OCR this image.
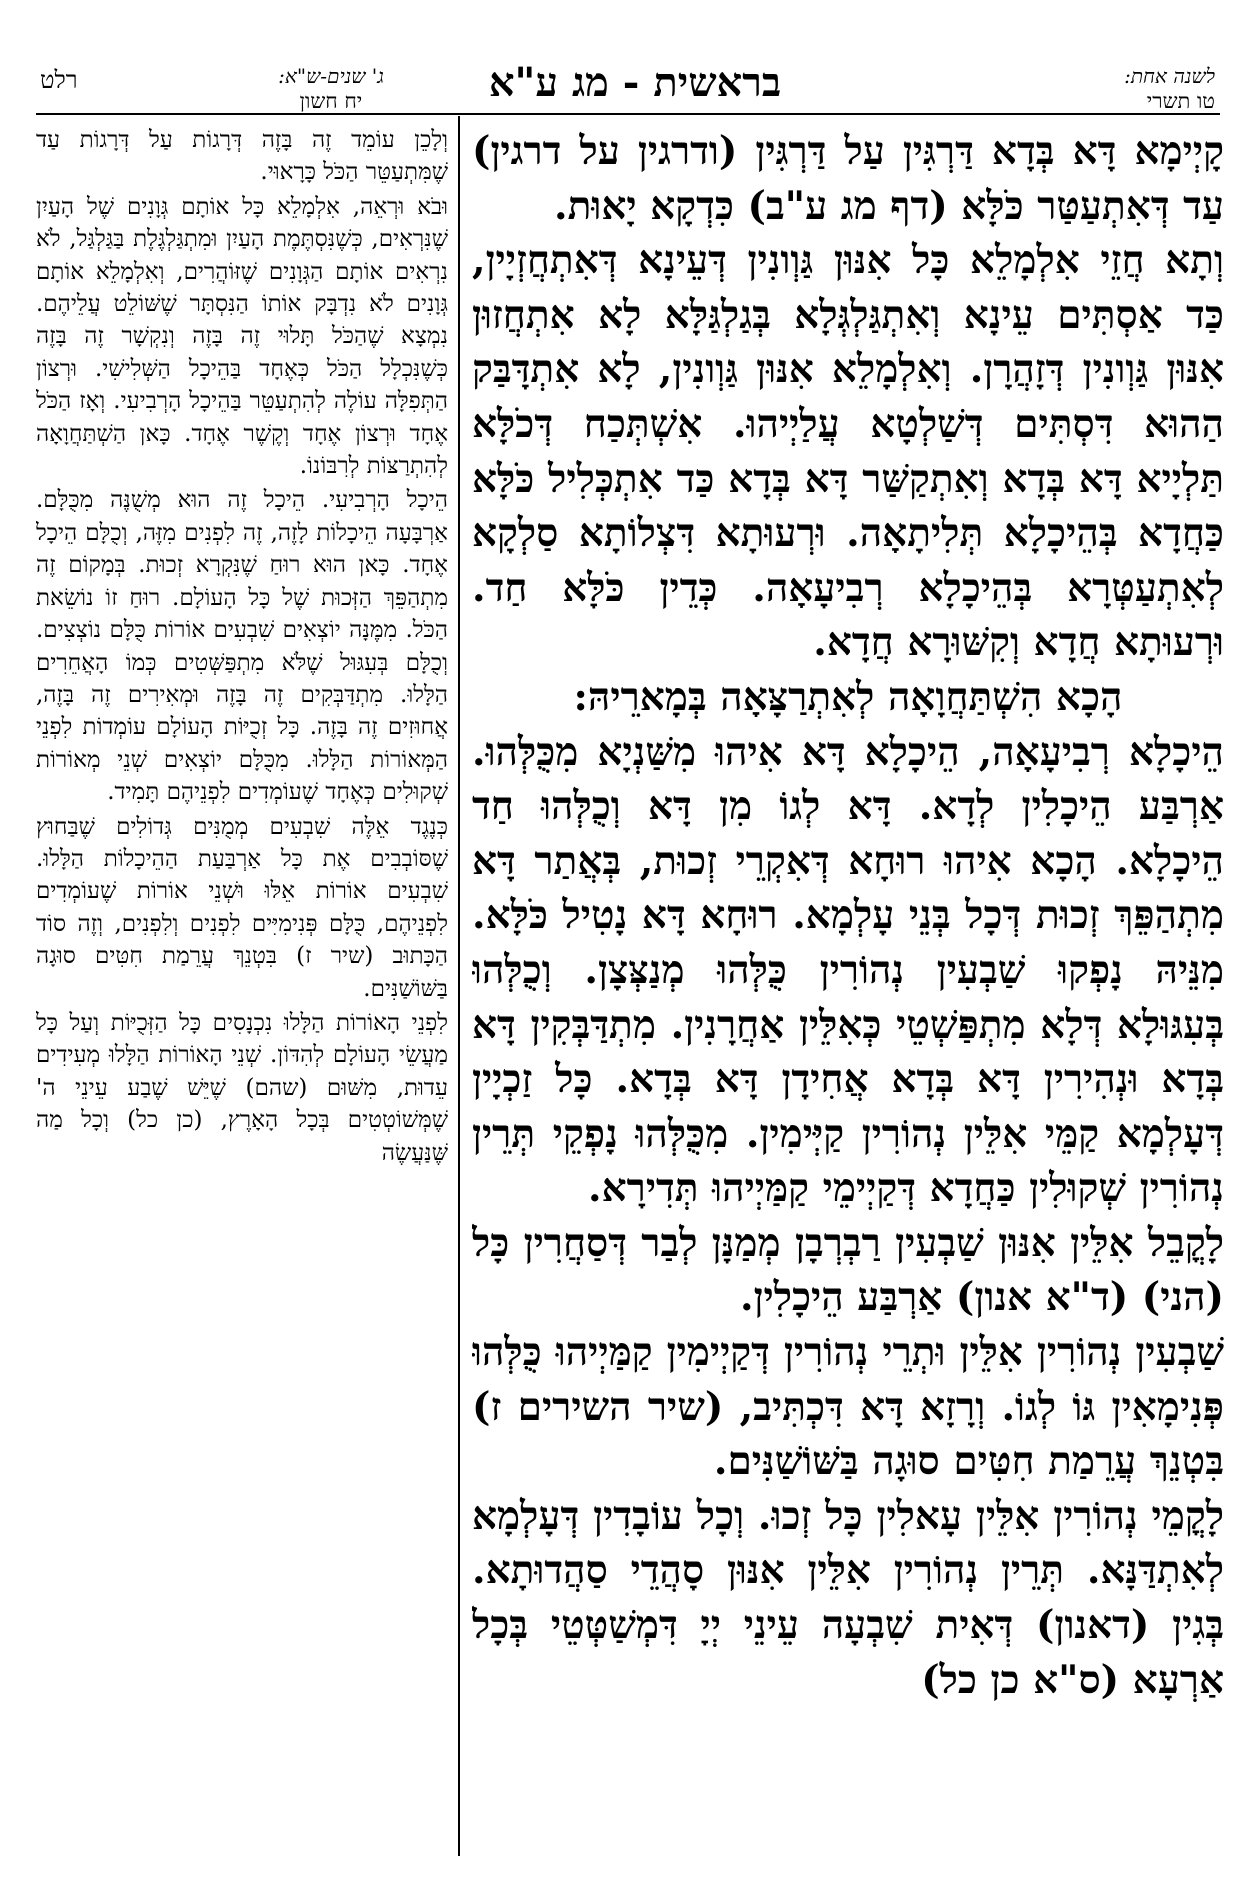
רלט	ג' שנים-ש"א:
יח חשון	בראשית - מג ע"א	לשנה אחת:
טו תשרי

קָיְימָא דָּא בְּדָא דַּרְגִּין עַל דַּרְגִּין (ודרגין על דרגין) עַד דְּאִתְעַטַּר כֹּלָּא (דף מג ע"ב) כִּדְקָא יָאוּת.

וְתָא חֲזֵי אִלְמָלֵא כָּל אִנּוּן גַּוְונִין דְּעֵינָא דְּאִתְחֲזְיָין, כַּד אַסְתִּים עֵינָא וְאִתְגַּלְגְּלָא בְּגַלְגַּלָּא לָא אִתְחֲזוּן אִנּוּן גַּוְונִין דְּזָהֲרָן. וְאִלְמָלֵא אִנּוּן גַּוְונִין, לָא אִתְדָּבַּק הַהוּא דִּסְתִּים דְּשַׁלְטָא עֲלַיְיהוּ. אִשְׁתְּכַח דְּכֹלָּא תַּלְיָיא דָּא בְּדָא וְאִתְקַשַּׁר דָּא בְּדָא כַּד אִתְכְּלִיל כֹּלָּא כַּחֲדָא בְּהֵיכָלָא תְּלִיתָאָה. וּרְעוּתָא דִּצְלוֹתָא סַלְקָא לְאִתְעַטְּרָא בְּהֵיכָלָא רְבִיעָאָה. כְּדֵין כֹּלָּא חַד. וּרְעוּתָא חֲדָא וְקִשּׁוּרָא חֲדָא.

הָכָא הִשְׁתַּחֲוָאָה לְאִתְרַצָּאָה בְּמָארֵיהּ:

הֵיכָלָא רְבִיעָאָה, הֵיכָלָא דָּא אִיהוּ מִשַּׁנְיָא מִכֻּלְּהוּ. אַרְבַּע הֵיכָלִין לְדָא. דָּא לְגוֹ מִן דָּא וְכֻלְּהוּ חַד הֵיכָלָא. הָכָא אִיהוּ רוּחָא דְּאִקְרֵי זְכוּת, בְּאֲתַר דָּא מִתְהַפֵּךְ זְכוּת דְּכָל בְּנֵי עָלְמָא. רוּחָא דָּא נָטִיל כֹּלָּא. מִנֵּיהּ נָפְקוּ שַׁבְעִין נְהוֹרִין כֻּלְּהוּ מְנַצְּצָן. וְכֻלְּהוּ בְּעִגּוּלָא דְּלָא מִתְפַּשְׁטֵי כְּאִלֵּין אַחֲרָנִין. מִתְדַּבְּקִין דָּא בְּדָא וּנְהִירִין דָּא בְּדָא אֲחִידָן דָּא בְּדָא. כָּל זַכְיָין דְּעָלְמָא קַמֵּי אִלֵּין נְהוֹרִין קַיְּימִין. מִכֻּלְּהוּ נָפְקֵי תְּרֵין נְהוֹרִין שְׁקוּלִין כַּחֲדָא דְּקַיְימֵי קַמַּיְיהוּ תְּדִירָא.

לָקֳבֵל אִלֵּין אִנּוּן שַׁבְעִין רַבְרְבָן מְמַנָּן לְבַר דְּסַחֲרִין כָּל (הני) (ד"א אנון) אַרְבַּע הֵיכָלִין.

שַׁבְעִין נְהוֹרִין אִלֵּין וּתְרֵי נְהוֹרִין דְּקַיְימִין קַמַּיְיהוּ כֻּלְּהוּ פְּנִימָאִין גּוֹ לְגוֹ. וְרָזָא דָּא דִּכְתִּיב, (שיר השירים ז) בִּטְנֵךְ עֲרֵמַת חִטִּים סוּגָה בַּשּׁוֹשַׁנִּים.

לָקֳמֵי נְהוֹרִין אִלֵּין עָאלִין כָּל זְכוּ. וְכָל עוֹבָדִין דְּעָלְמָא לְאִתְדַּנָּא. תְּרֵין נְהוֹרִין אִלֵּין אִנּוּן סָהֲדֵי סַהֲדוּתָא. בְּגִין (דאנון) דְּאִית שִׁבְעָה עֵינֵי יְיָ דִּמְשַׁטְּטֵי בְּכָל אַרְעָא (ס"א כן כל)

וְלָכֵן עוֹמֵד זֶה בָּזֶה דְּרָגוֹת עַל דְּרָגוֹת עַד שֶׁמִּתְעַטֵּר הַכֹּל כָּרָאוּי.

וּבֹא וּרְאֵה, אִלְמָלֵא כָּל אוֹתָם גְּוָנִים שֶׁל הָעַיִן שֶׁנִּרְאִים, כְּשֶׁנִּסְתֶּמֶת הָעַיִן וּמִתְגַּלְגֶּלֶת בַּגַּלְגַּל, לֹא נִרְאִים אוֹתָם הַגְּוָנִים שֶׁזּוֹהֲרִים, וְאִלְמָלֵא אוֹתָם גְּוָנִים לֹא נִדְבָּק אוֹתוֹ הַנִּסְתָּר שֶׁשּׁוֹלֵט עֲלֵיהֶם. נִמְצָא שֶׁהַכֹּל תָּלוּי זֶה בָּזֶה וְנִקְשָׁר זֶה בָּזֶה כְּשֶׁנִּכְלָל הַכֹּל כְּאֶחָד בַּהֵיכָל הַשְּׁלִישִׁי. וּרְצוֹן הַתְּפִלָּה עוֹלֶה לְהִתְעַטֵּר בַּהֵיכָל הָרְבִיעִי. וְאָז הַכֹּל אֶחָד וּרְצוֹן אֶחָד וְקֶשֶׁר אֶחָד. כָּאן הַשְׁתַּחֲוָאָה לְהִתְרַצּוֹת לְרִבּוֹנוֹ.

הֵיכָל הָרְבִיעִי. הֵיכָל זֶה הוּא מְשֻׁנֶּה מִכֻּלָּם. אַרְבָּעָה הֵיכָלוֹת לָזֶה, זֶה לִפְנִים מִזֶּה, וְכֻלָּם הֵיכָל אֶחָד. כָּאן הוּא רוּחַ שֶׁנִּקְרָא זְכוּת. בְּמָקוֹם זֶה מִתְהַפֵּךְ הַזְּכוּת שֶׁל כָּל הָעוֹלָם. רוּחַ זוֹ נוֹשֵׂאת הַכֹּל. מִמֶּנָּה יוֹצְאִים שִׁבְעִים אוֹרוֹת כֻּלָּם נוֹצְצִים. וְכֻלָּם בְּעִגּוּל שֶׁלֹּא מִתְפַּשְּׁטִים כְּמוֹ הָאֲחֵרִים הַלָּלוּ. מִתְדַּבְּקִים זֶה בָּזֶה וּמְאִירִים זֶה בָּזֶה, אֲחוּזִים זֶה בָּזֶה. כָּל זְכֻיּוֹת הָעוֹלָם עוֹמְדוֹת לִפְנֵי הַמְּאוֹרוֹת הַלָּלוּ. מִכֻּלָּם יוֹצְאִים שְׁנֵי מְאוֹרוֹת שְׁקוּלִים כְּאֶחָד שֶׁעוֹמְדִים לִפְנֵיהֶם תָּמִיד.

כְּנֶגֶד אֵלֶּה שִׁבְעִים מְמֻנִּים גְּדוֹלִים שֶׁבַּחוּץ שֶׁסּוֹבְבִים אֶת כָּל אַרְבַּעַת הַהֵיכָלוֹת הַלָּלוּ. שִׁבְעִים אוֹרוֹת אֵלּוּ וּשְׁנֵי אוֹרוֹת שֶׁעוֹמְדִים לִפְנֵיהֶם, כֻּלָּם פְּנִימִיִּים לִפְנִים וְלִפְנִים, וְזֶה סוֹד הַכָּתוּב (שיר ז) בִּטְנֵךְ עֲרֵמַת חִטִּים סוּגָה בַּשּׁוֹשַׁנִּים.

לִפְנֵי הָאוֹרוֹת הַלָּלוּ נִכְנָסִים כָּל הַזְּכֻיּוֹת וְעַל כָּל מַעֲשֵׂי הָעוֹלָם לְהִדּוֹן. שְׁנֵי הָאוֹרוֹת הַלָּלוּ מְעִידִים עֵדוּת, מִשּׁוּם (שהם) שֶׁיֵּשׁ שֶׁבַע עֵינֵי ה' שֶׁמְּשׁוֹטְטִים בְּכָל הָאָרֶץ, (כן כל) וְכָל מַה שֶּׁנַּעֲשֶׂה
